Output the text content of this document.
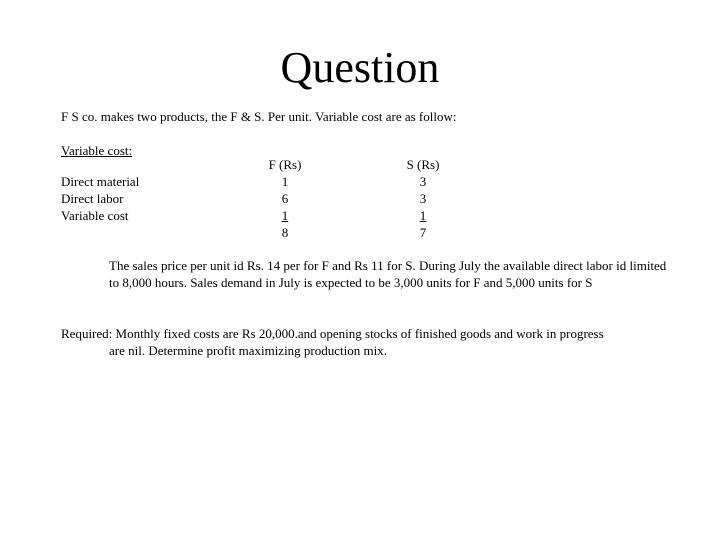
Question
F S co. makes two products, the F & S. Per unit. Variable cost are as follow:
Variable cost:
Direct material
Direct labor
Variable cost
F (Rs)
1
6
1
8
S (Rs)
3
3
1
7
The sales price per unit id Rs. 14 per for F and Rs 11 for S. During July the available direct labor id limited to 8,000 hours. Sales demand in July is expected to be 3,000 units for F and 5,000 units for S
Required: Monthly fixed costs are Rs 20,000.and opening stocks of finished goods and work in progress
are nil. Determine profit maximizing production mix.
